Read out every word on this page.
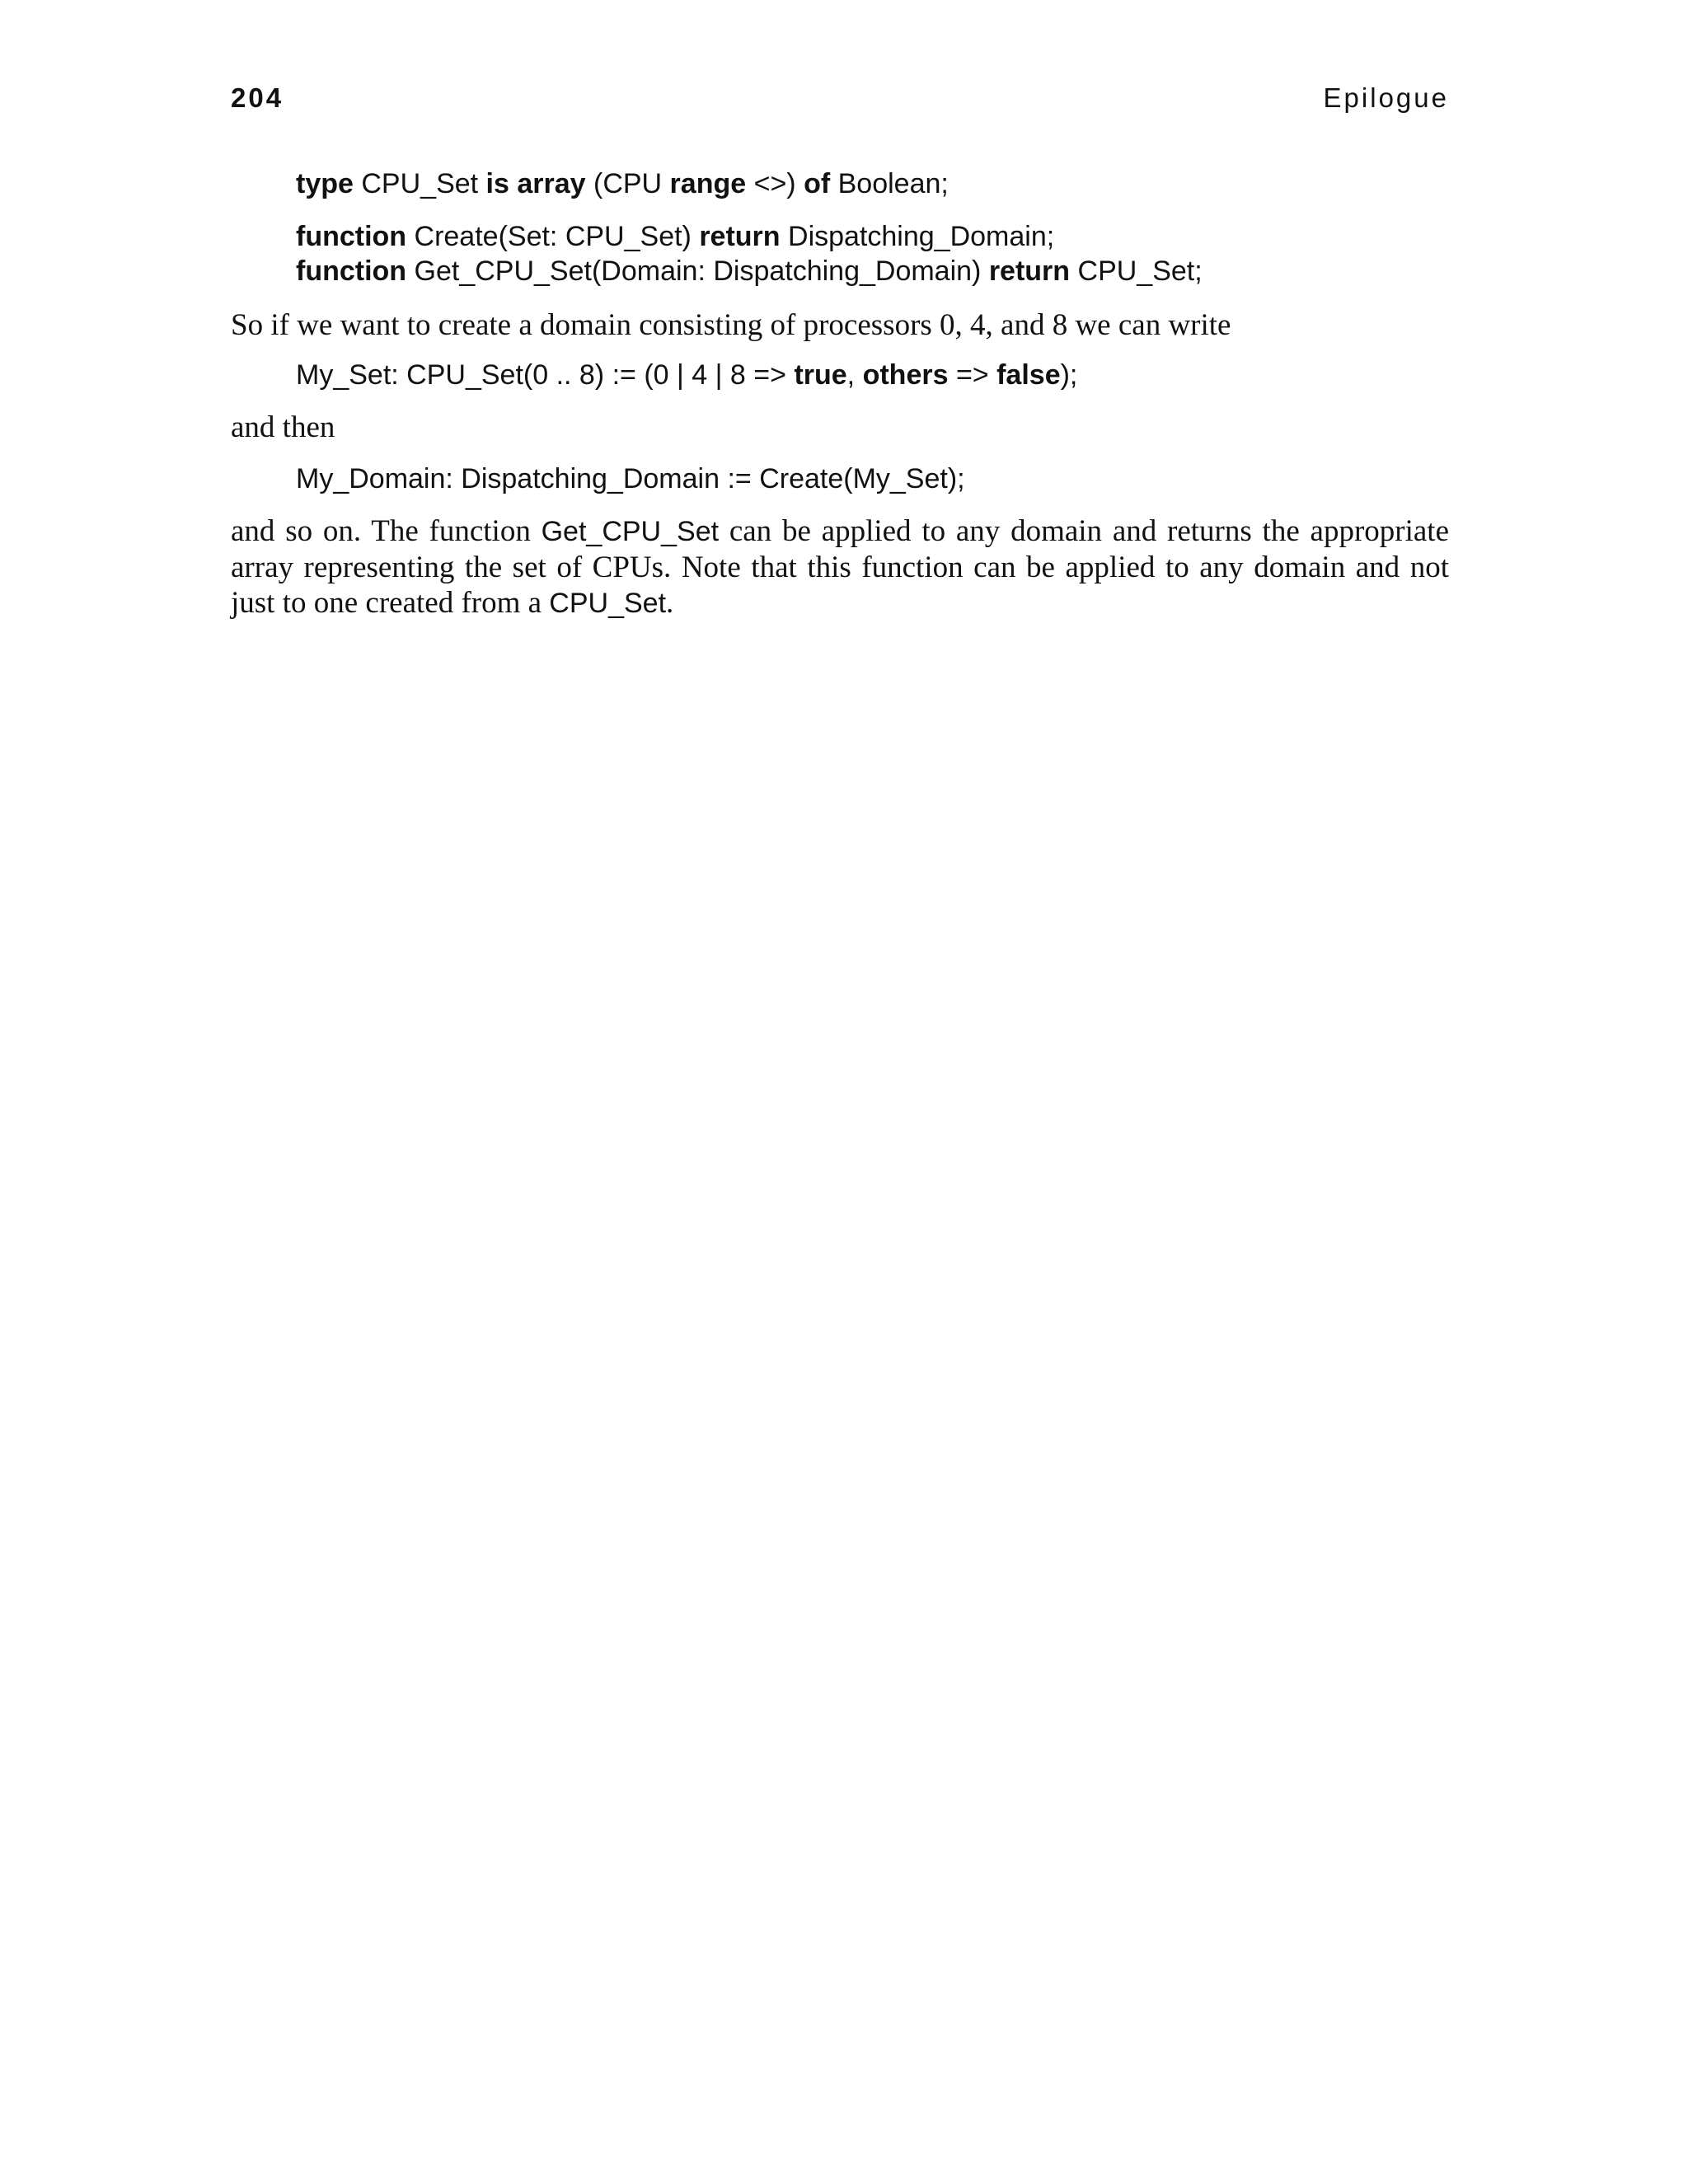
204	Epilogue
type CPU_Set is array (CPU range <>) of Boolean;
function Create(Set: CPU_Set) return Dispatching_Domain;
function Get_CPU_Set(Domain: Dispatching_Domain) return CPU_Set;
So if we want to create a domain consisting of processors 0, 4, and 8 we can write
My_Set: CPU_Set(0 .. 8) := (0 | 4 | 8 => true, others => false);
and then
My_Domain: Dispatching_Domain := Create(My_Set);
and so on. The function Get_CPU_Set can be applied to any domain and returns the appropriate array representing the set of CPUs. Note that this function can be applied to any domain and not just to one created from a CPU_Set.
